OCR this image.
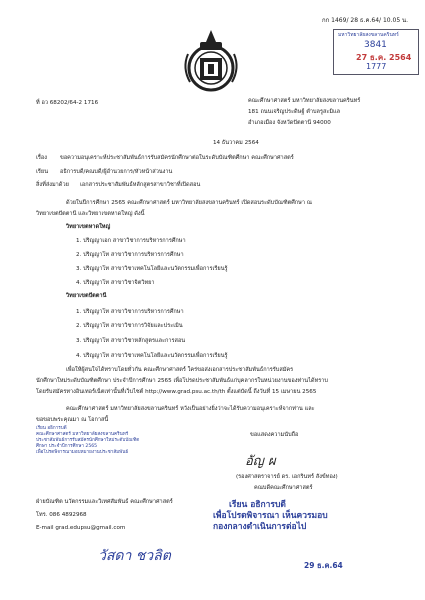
กก 1469/ 28 ธ.ค.64/ 10.05 น.
มหาวิทยาลัยสงขลานครินทร์
3841
27 ธ.ค. 2564
1777
ที่ อว 68202/64-2 1716	คณะศึกษาศาสตร์ มหาวิทยาลัยสงขลานครินทร์
181 ถนนเจริญประดิษฐ์ ตำบลรูสะมิแล
อำเภอเมือง จังหวัดปัตตานี 94000
14 ธันวาคม 2564
เรื่อง ขอความอนุเคราะห์ประชาสัมพันธ์การรับสมัครนักศึกษาต่อในระดับบัณฑิตศึกษา คณะศึกษาศาสตร์
เรียน อธิการบดี/คณบดี/ผู้อำนวยการ/หัวหน้าส่วนงาน
สิ่งที่ส่งมาด้วย เอกสารประชาสัมพันธ์หลักสูตรสาขาวิชาที่เปิดสอน
ด้วยในปีการศึกษา 2565 คณะศึกษาศาสตร์ มหาวิทยาลัยสงขลานครินทร์ เปิดสอนระดับบัณฑิตศึกษา ณ
วิทยาเขตปัตตานี และวิทยาเขตหาดใหญ่ ดังนี้
วิทยาเขตหาดใหญ่
1. ปริญญาเอก สาขาวิชาการบริหารการศึกษา
2. ปริญญาโท สาขาวิชาการบริหารการศึกษา
3. ปริญญาโท สาขาวิชาเทคโนโลยีและนวัตกรรมเพื่อการเรียนรู้
4. ปริญญาโท สาขาวิชาจิตวิทยา
วิทยาเขตปัตตานี
1. ปริญญาโท สาขาวิชาการบริหารการศึกษา
2. ปริญญาโท สาขาวิชาการวิจัยและประเมิน
3. ปริญญาโท สาขาวิชาหลักสูตรและการสอน
4. ปริญญาโท สาขาวิชาเทคโนโลยีและนวัตกรรมเพื่อการเรียนรู้
เพื่อให้ผู้สนใจได้ทราบโดยทั่วกัน คณะศึกษาศาสตร์ ใคร่ขอส่งเอกสารประชาสัมพันธ์การรับสมัคร
นักศึกษาใหม่ระดับบัณฑิตศึกษา ประจำปีการศึกษา 2565 เพื่อโปรดประชาสัมพันธ์แก่บุคลากรในหน่วยงานของท่านได้ทราบ
โดยรับสมัครทางอินเทอร์เน็ตเท่านั้นที่เว็บไซต์ http://www.grad.psu.ac.th/th ตั้งแต่บัดนี้ ถึงวันที่ 15 เมษายน 2565
คณะศึกษาศาสตร์ มหาวิทยาลัยสงขลานครินทร์ หวังเป็นอย่างยิ่งว่าจะได้รับความอนุเคราะห์จากท่าน และ
ขอขอบพระคุณมา ณ โอกาสนี้
เรียน อธิการบดี
คณะศึกษาศาสตร์ มหาวิทยาลัยสงขลานครินทร์
ประชาสัมพันธ์การรับสมัครนักศึกษาใหม่ระดับบัณฑิต
ศึกษา ประจำปีการศึกษา 2565
เพื่อโปรดพิจารณามอบหมายงานประชาสัมพันธ์
ขอแสดงความนับถือ
อัญ ผ
(รองศาสตราจารย์ ดร. เอกรินทร์ สังข์ทอง)
คณบดีคณะศึกษาศาสตร์
ฝ่ายบัณฑิต นวัตกรรมและวิเทศสัมพันธ์ คณะศึกษาศาสตร์
โทร. 086 4892968
E-mail grad.edupsu@gmail.com
เรียน อธิการบดี
เพื่อโปรดพิจารณา เห็นควรมอบ
กองกลางดำเนินการต่อไป
วัสดา ชวลิต
29 ธ.ค.64
